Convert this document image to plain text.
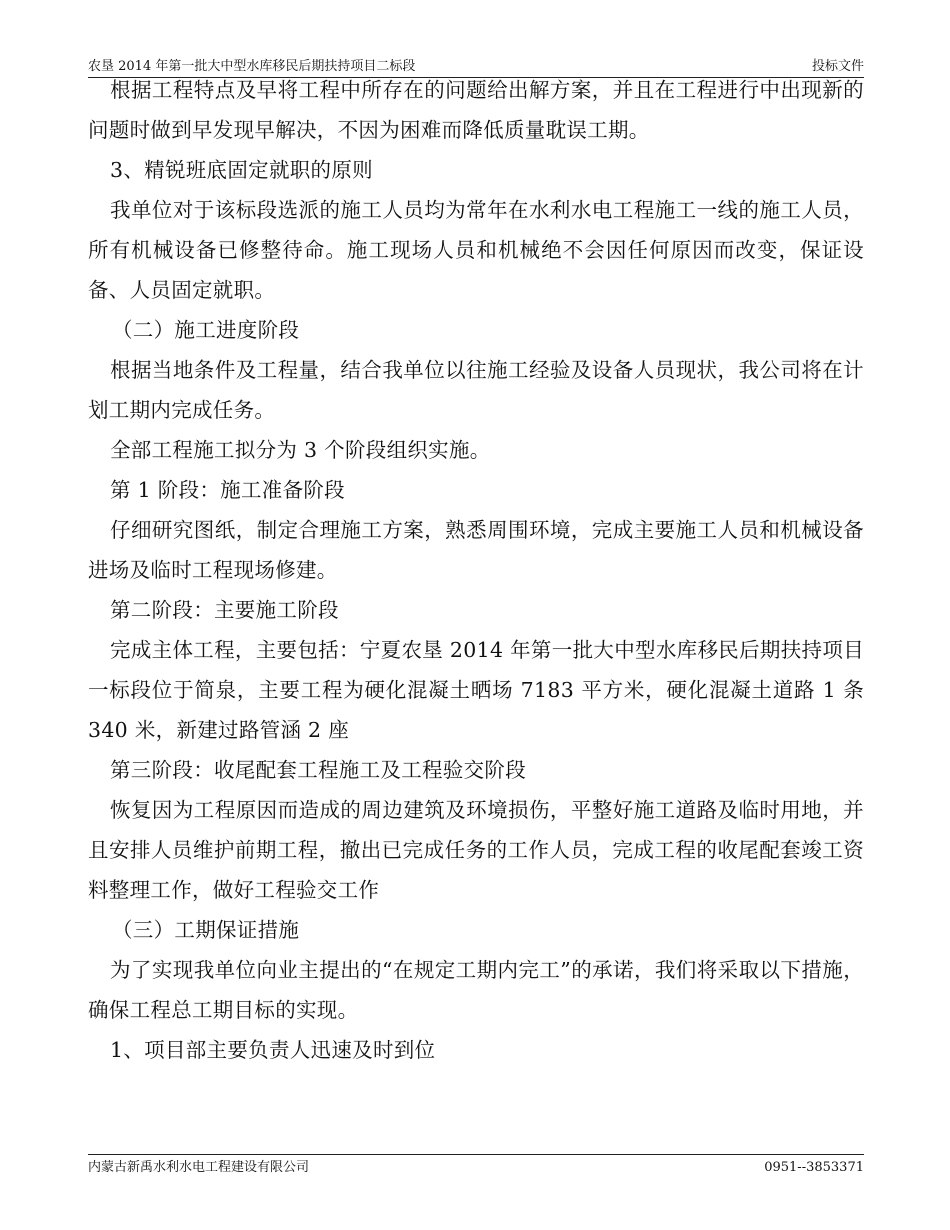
农垦 2014 年第一批大中型水库移民后期扶持项目二标段	投标文件

根据工程特点及早将工程中所存在的问题给出解方案，并且在工程进行中出现新的问题时做到早发现早解决，不因为困难而降低质量耽误工期。

3、精锐班底固定就职的原则

我单位对于该标段选派的施工人员均为常年在水利水电工程施工一线的施工人员，所有机械设备已修整待命。施工现场人员和机械绝不会因任何原因而改变，保证设备、人员固定就职。

（二）施工进度阶段

根据当地条件及工程量，结合我单位以往施工经验及设备人员现状，我公司将在计划工期内完成任务。

全部工程施工拟分为 3 个阶段组织实施。

第 1 阶段：施工准备阶段

仔细研究图纸，制定合理施工方案，熟悉周围环境，完成主要施工人员和机械设备进场及临时工程现场修建。

第二阶段：主要施工阶段

完成主体工程，主要包括：宁夏农垦 2014 年第一批大中型水库移民后期扶持项目一标段位于简泉，主要工程为硬化混凝土晒场 7183 平方米，硬化混凝土道路 1 条 340 米，新建过路管涵 2 座

第三阶段：收尾配套工程施工及工程验交阶段

恢复因为工程原因而造成的周边建筑及环境损伤，平整好施工道路及临时用地，并且安排人员维护前期工程，撤出已完成任务的工作人员，完成工程的收尾配套竣工资料整理工作，做好工程验交工作

（三）工期保证措施

为了实现我单位向业主提出的“在规定工期内完工”的承诺，我们将采取以下措施，确保工程总工期目标的实现。

1、项目部主要负责人迅速及时到位

内蒙古新禹水利水电工程建设有限公司	0951--3853371
